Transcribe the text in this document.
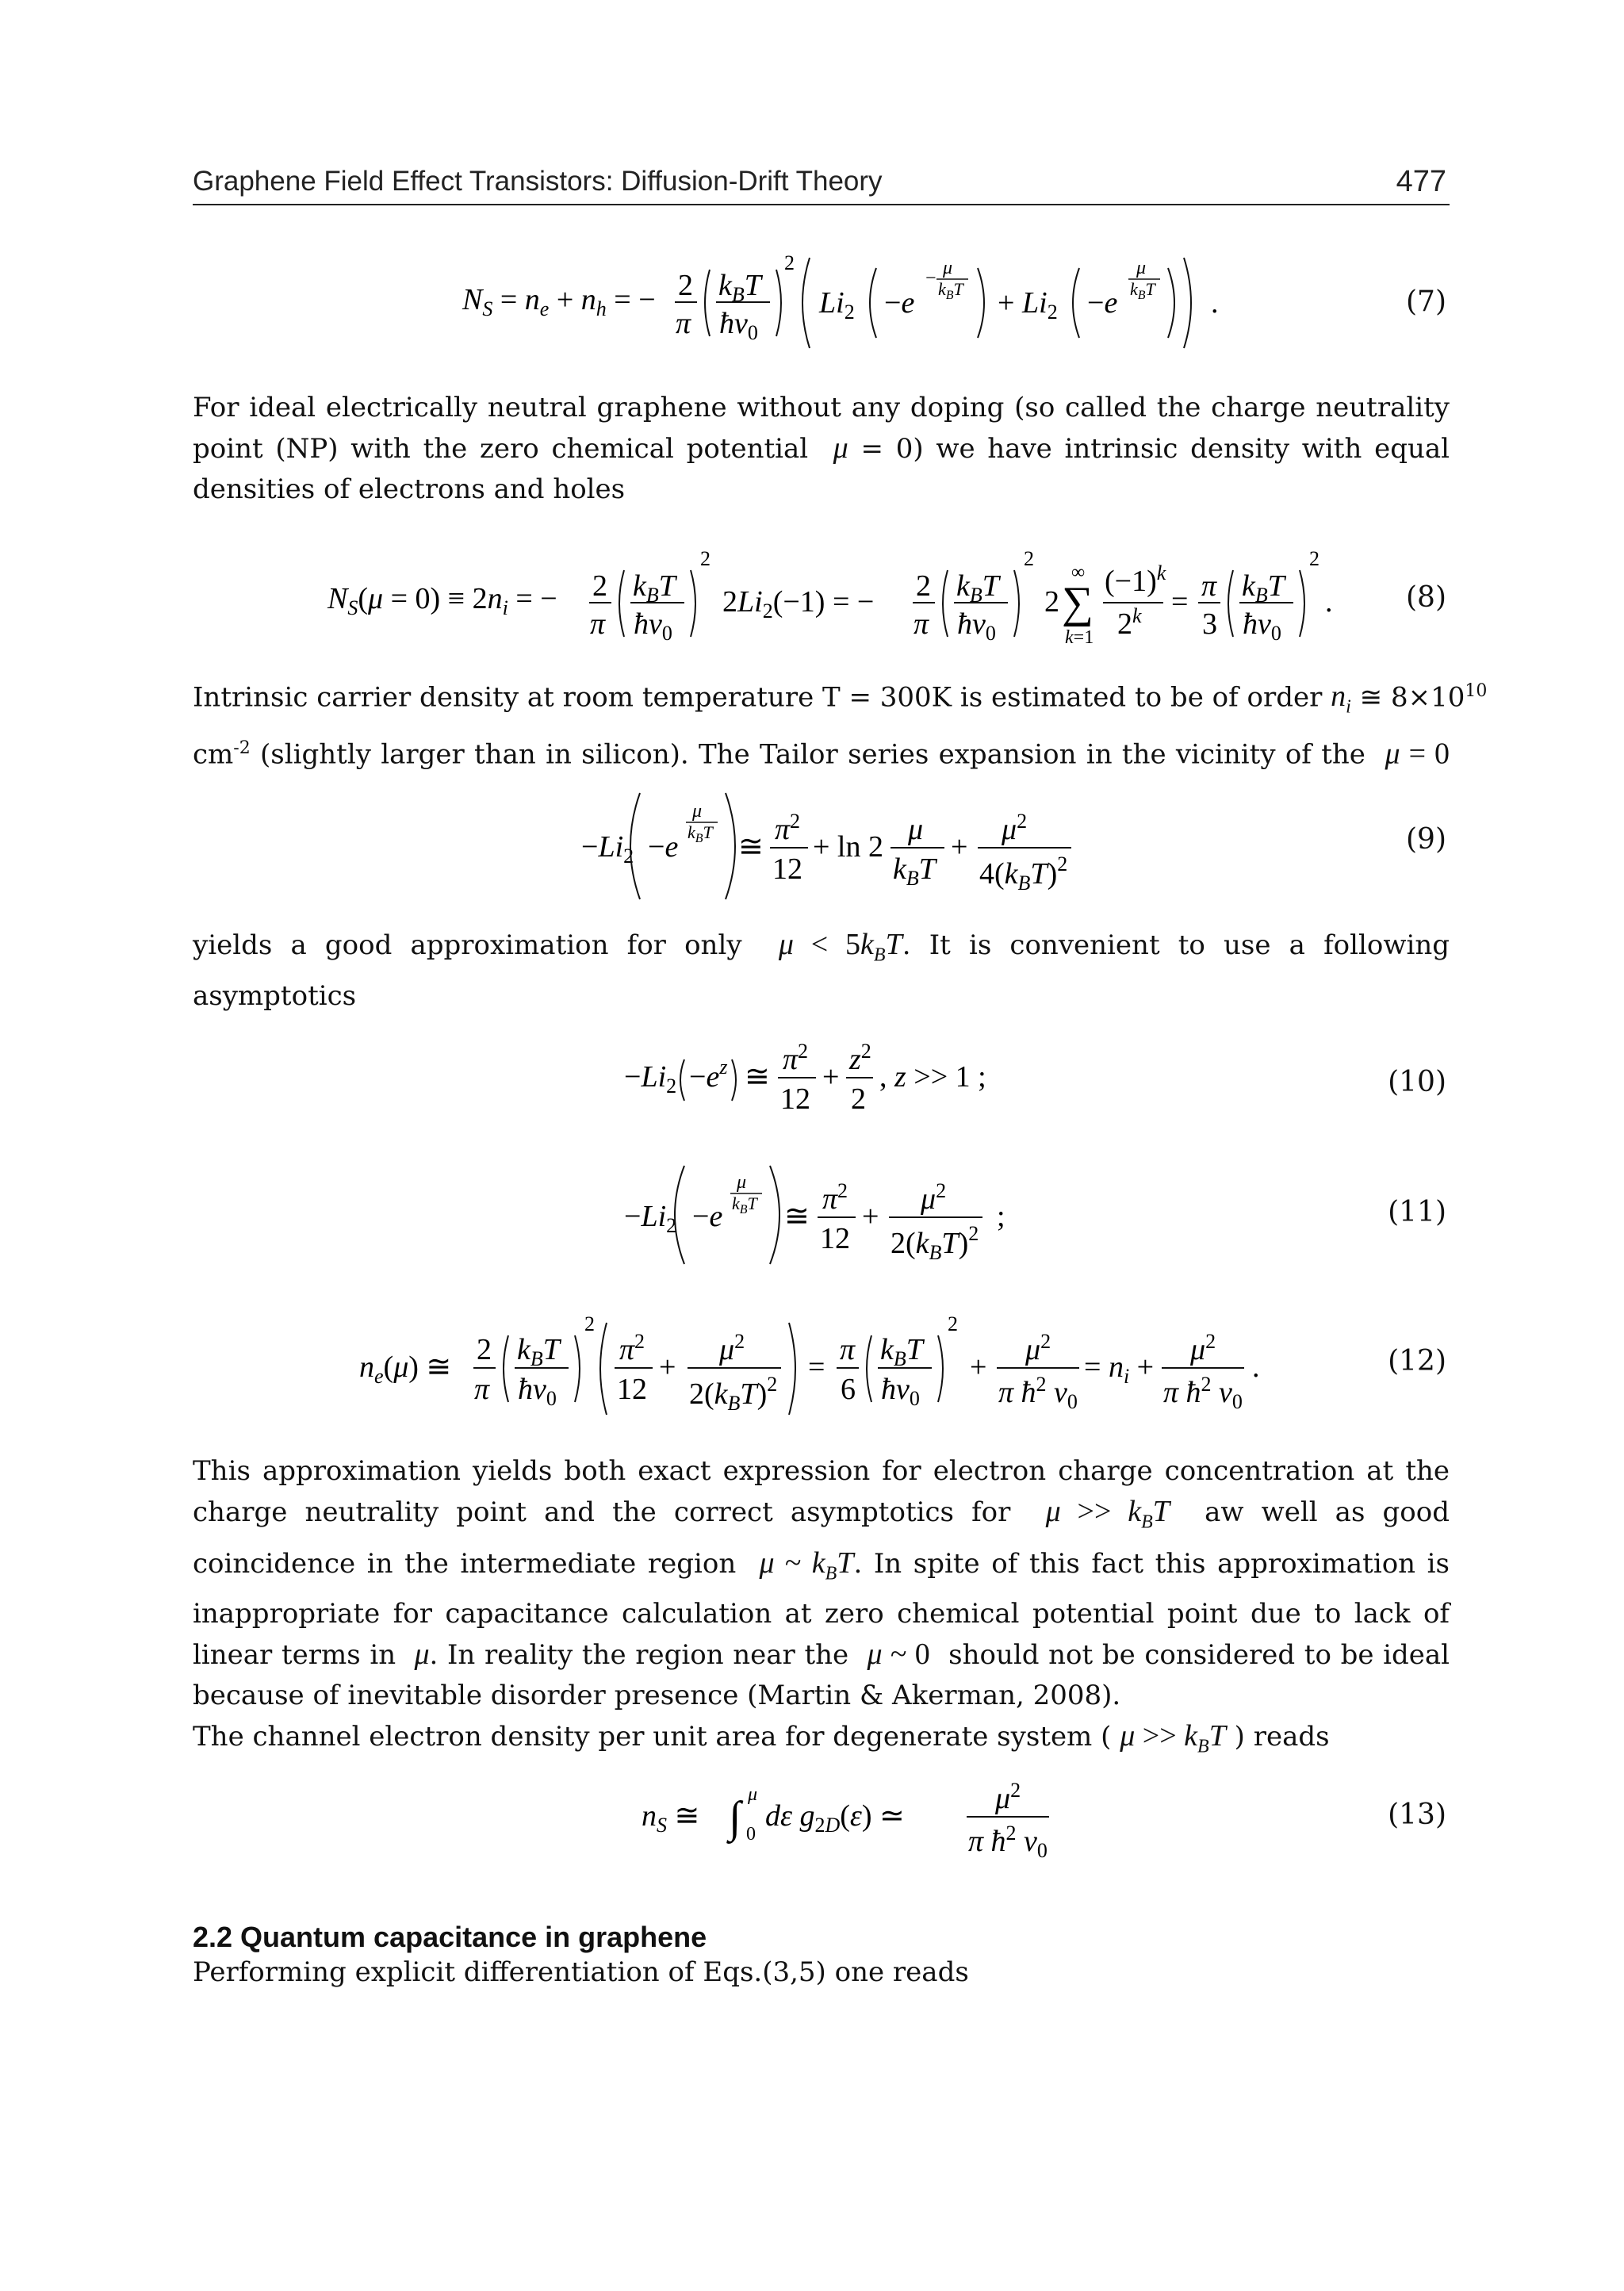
Graphene Field Effect Transistors: Diffusion-Drift Theory	477
$N_S = n_e + n_h$ = − 2
π
$k_BT$
$ħv_0$
2
$Li_2 -e$
− μ
$k_BT + Li_2 -e$
μ
$k_BT$ .	(7)
For ideal electrically neutral graphene without any doping (so called the charge neutrality
point (NP) with the zero chemical potential μ = 0) we have intrinsic density with equal
densities of electrons and holes
$N_S(\mu = 0) \equiv 2n_i$ = − 2
π
$k_BT$
$ħv_0$
2
$2Li_2(-1)$ = − 2
π
$k_BT$
$ħv_0$
2
2 ∑
∞
k=1
$(-1)^k$
$2^k = \pi$
3
$k_BT$
$ħv_0$
2
.	(8)
Intrinsic carrier density at room temperature T = 300K is estimated to be of order $n_i$ ≅ $8\times 10^{10}$
$cm^{-2}$ (slightly larger than in silicon). The Tailor series expansion in the vicinity of the μ = 0
$-Li_2 -e$
μ
$k_BT$ ≅
$\pi^2$
12
+ ln 2
μ
$k_BT$
+
$\mu^2$
$4(k_BT)^2$
(9)
yields a good approximation for only $\mu < 5k_BT$. It is convenient to use a following
asymptotics
$-Li_2 -e^z$ ≅
$\pi^2$
12
+
$z^2$
2
, z >> 1 ;	(10)
$-Li_2 -e$
μ
$k_BT$ ≅
$\pi^2$
12
+
$\mu^2$
$2(k_BT)^2$
;	(11)
$n_e(\mu)$ ≅
2
π
$k_BT$
$ħv_0$
2
$\pi^2$
12
+
$\mu^2$
$2(k_BT)^2$
=
π
6
$k_BT$
$ħv_0$
2
+
$\mu^2$
π $ħ^2$ $v_0$
= $n_i$ +
$\mu^2$
π $ħ^2$ $v_0$
.	(12)
This approximation yields both exact expression for electron charge concentration at the
charge neutrality point and the correct asymptotics for $\mu >> k_BT$ aw well as good
coincidence in the intermediate region μ ~ $k_BT$. In spite of this fact this approximation is
inappropriate for capacitance calculation at zero chemical potential point due to lack of
linear terms in μ. In reality the region near the μ ~ 0 should not be considered to be ideal
because of inevitable disorder presence (Martin & Akerman, 2008).
The channel electron density per unit area for degenerate system ( $\mu >> k_BT$ ) reads
$n_S$ ≅ ∫ μ
0
dε $g_2D(\varepsilon)$ ≃
$\mu^2$
π $ħ^2$ $v_0$
(13)
2.2 Quantum capacitance in graphene
Performing explicit differentiation of Eqs.(3,5) one reads
